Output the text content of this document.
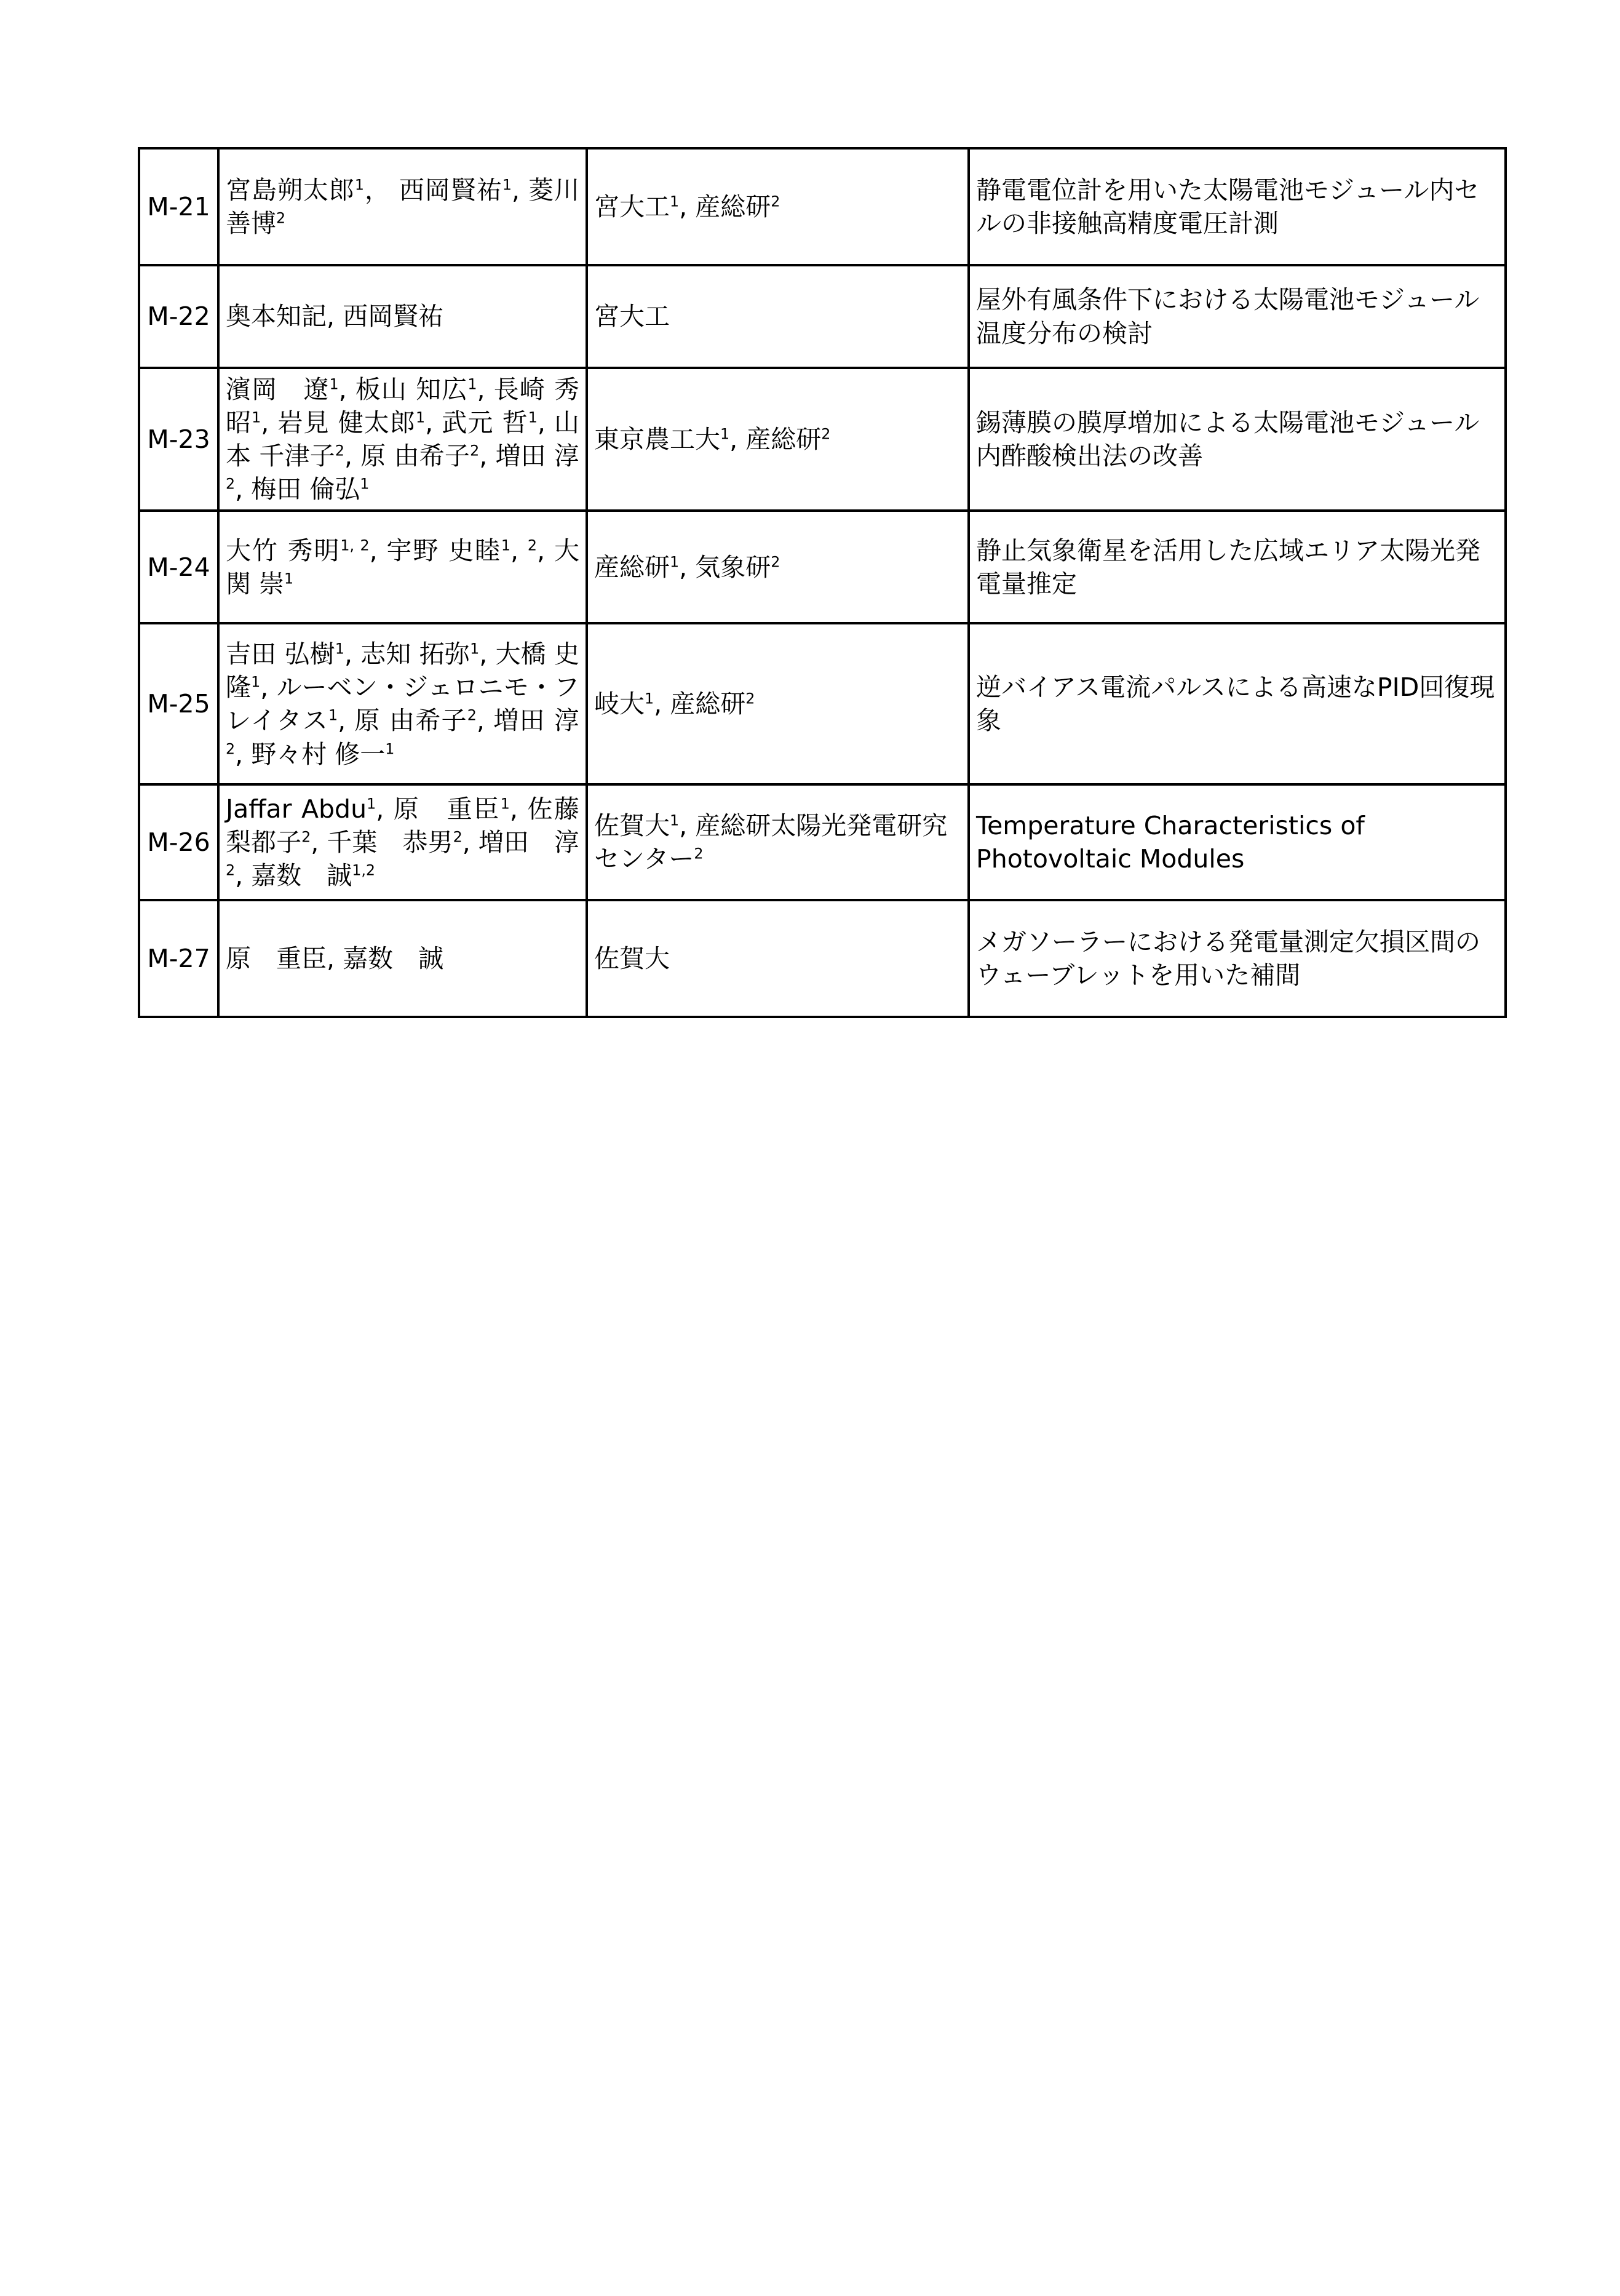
M-21	宮島朔太郎$^1$， 西岡賢祐$^1$, 菱川善博$^2$	宮大工$^1$, 産総研$^2$	静電電位計を用いた太陽電池モジュール内セルの非接触高精度電圧計測
M-22	奥本知記, 西岡賢祐	宮大工	屋外有風条件下における太陽電池モジュール温度分布の検討
M-23	濱岡　遼$^1$, 板山 知広$^1$, 長崎 秀昭$^1$, 岩見 健太郎$^1$, 武元 哲$^1$, 山本 千津子$^2$, 原 由希子$^2$, 増田 淳$^2$, 梅田 倫弘$^1$	東京農工大$^1$, 産総研$^2$	錫薄膜の膜厚増加による太陽電池モジュール内酢酸検出法の改善
M-24	大竹 秀明$^{1, 2}$, 宇野 史睦$^1$, $^2$, 大関 崇$^1$	産総研$^1$, 気象研$^2$	静止気象衛星を活用した広域エリア太陽光発電量推定
M-25	吉田 弘樹$^1$, 志知 拓弥$^1$, 大橋 史隆$^1$, ルーベン・ジェロニモ・フレイタス$^1$, 原 由希子$^2$, 増田 淳$^2$, 野々村 修一$^1$	岐大$^1$, 産総研$^2$	逆バイアス電流パルスによる高速なPID回復現象
M-26	Jaffar Abdu$^1$, 原　重臣$^1$, 佐藤 梨都子$^2$, 千葉　恭男$^2$, 増田　淳$^2$, 嘉数　誠$^{1,2}$	佐賀大$^1$, 産総研太陽光発電研究センター$^2$	Temperature Characteristics of Photovoltaic Modules
M-27	原　重臣, 嘉数　誠	佐賀大	メガソーラーにおける発電量測定欠損区間のウェーブレットを用いた補間
